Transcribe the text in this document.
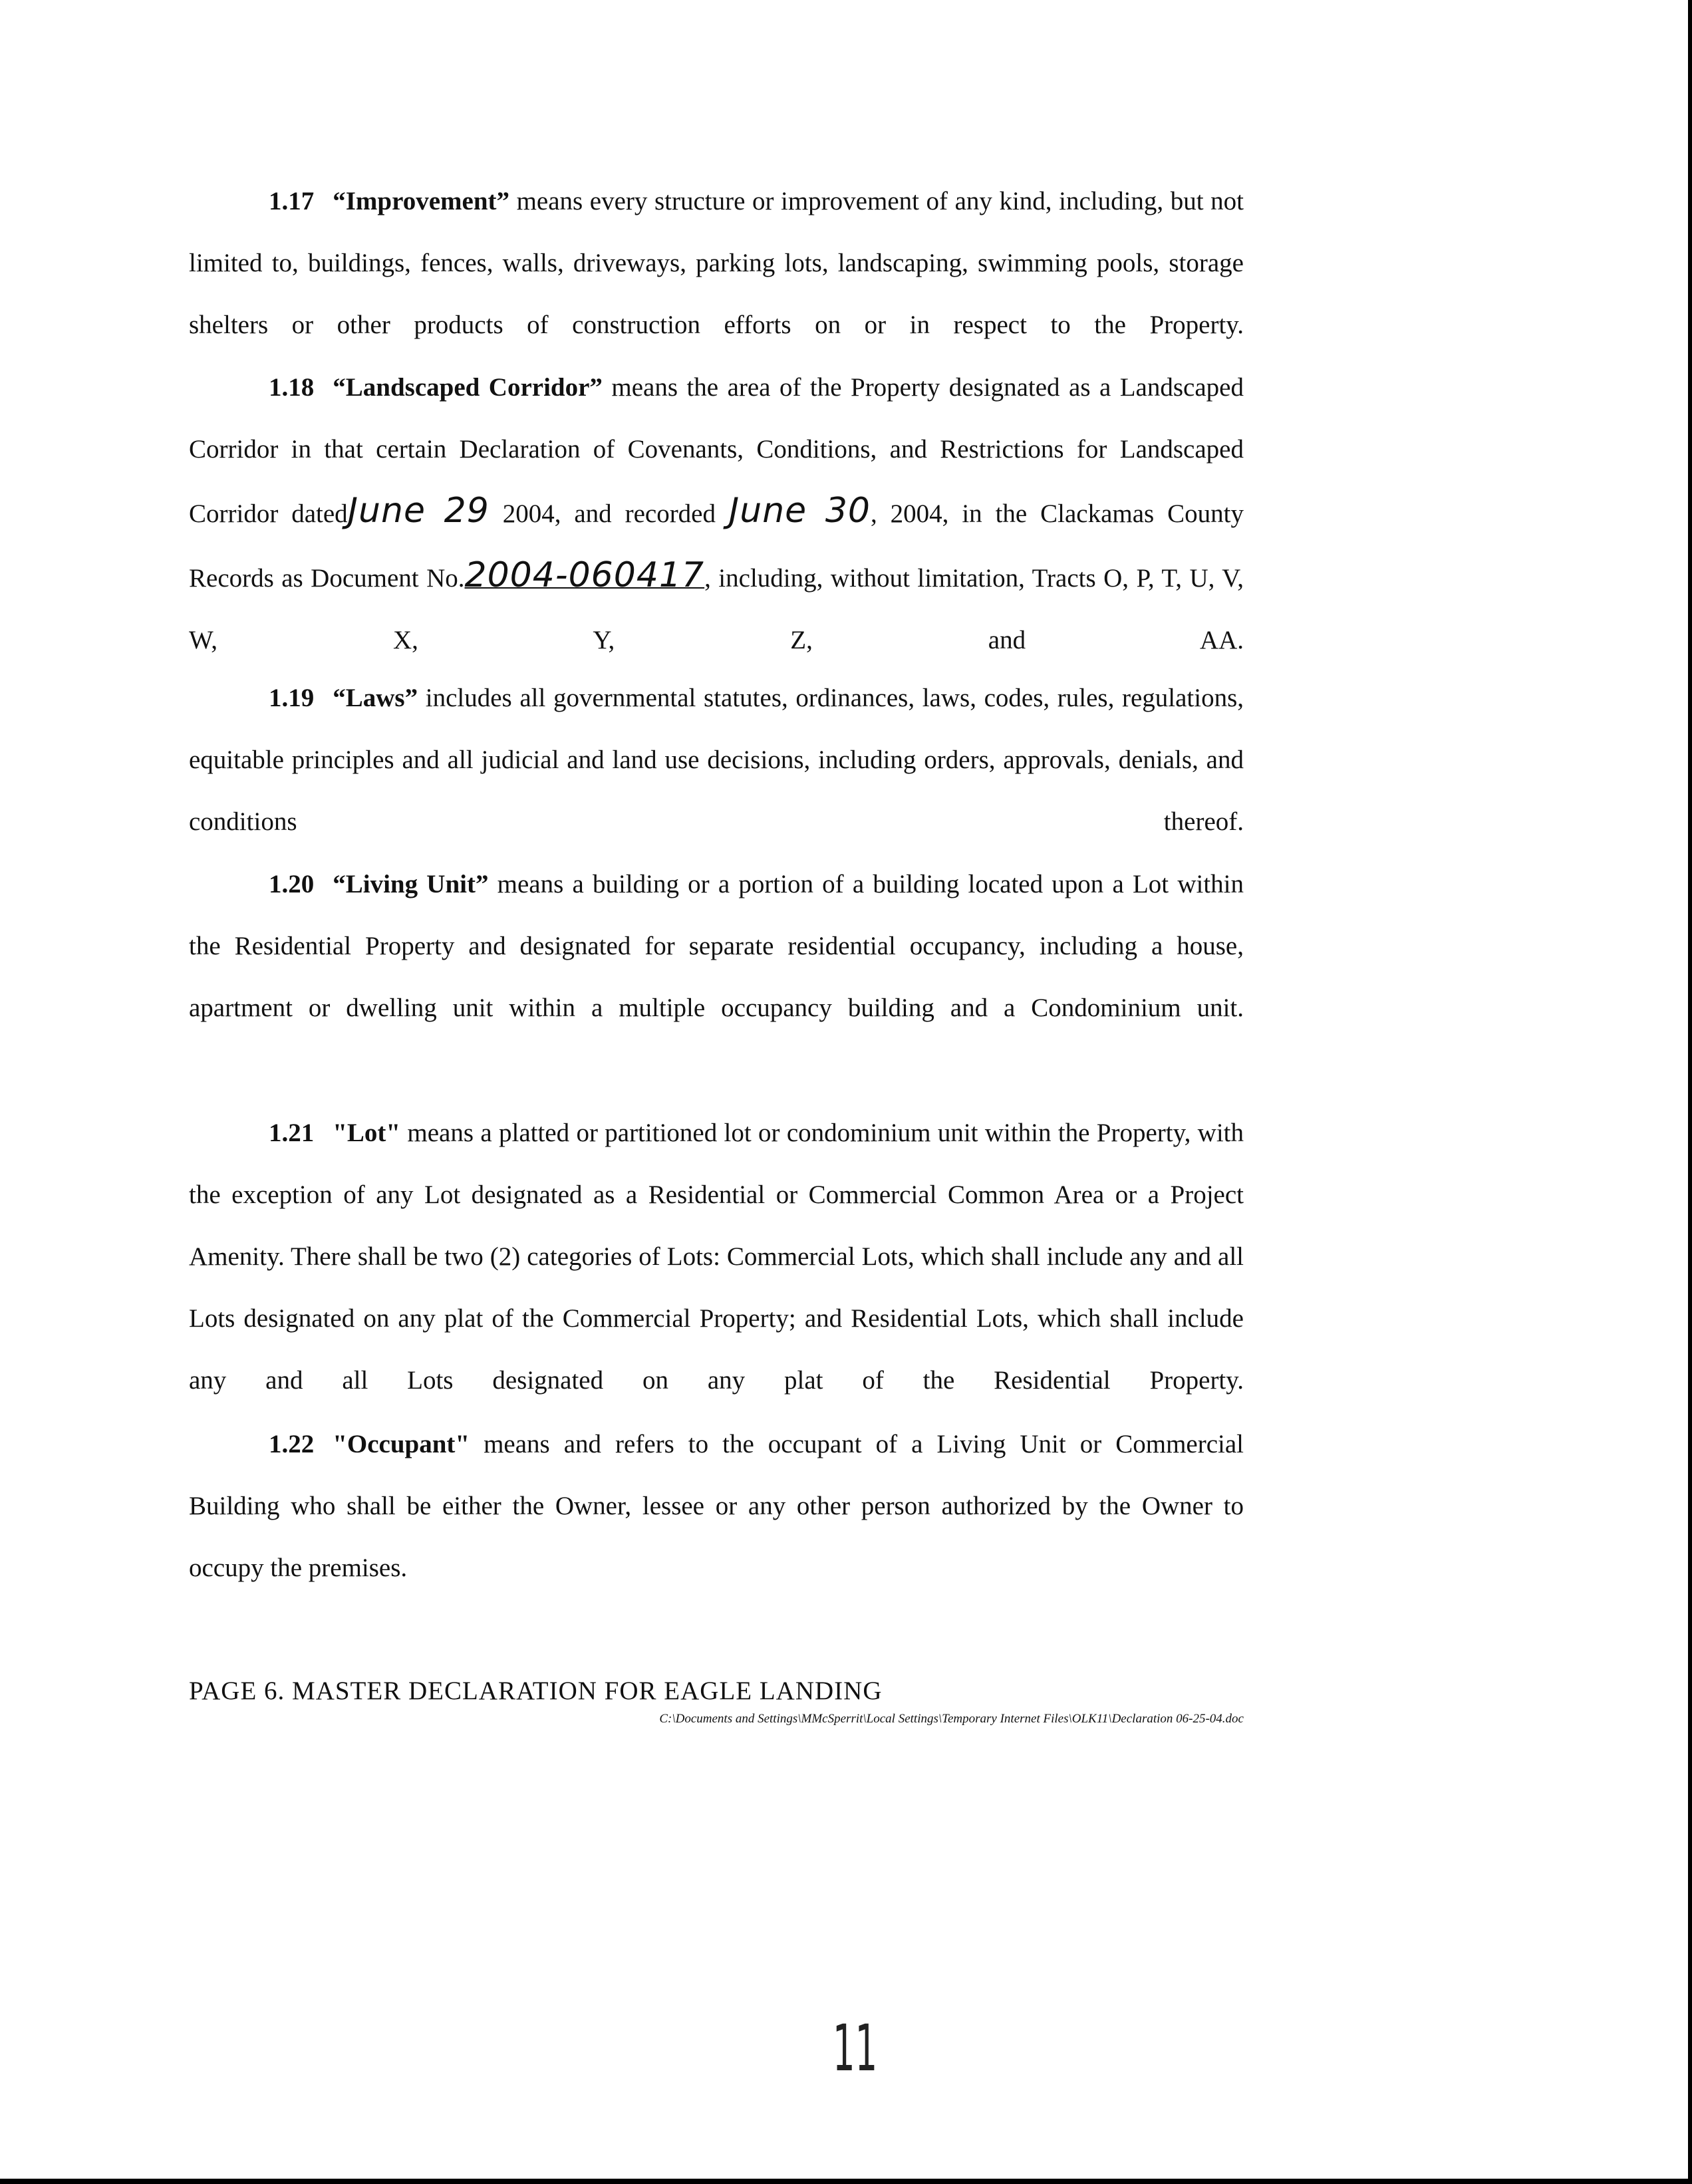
1.17 “Improvement” means every structure or improvement of any kind, including, but not limited to, buildings, fences, walls, driveways, parking lots, landscaping, swimming pools, storage shelters or other products of construction efforts on or in respect to the Property.
1.18 “Landscaped Corridor” means the area of the Property designated as a Landscaped Corridor in that certain Declaration of Covenants, Conditions, and Restrictions for Landscaped Corridor datedJune 29 2004, and recorded June 30, 2004, in the Clackamas County Records as Document No.2004-060417, including, without limitation, Tracts O, P, T, U, V, W, X, Y, Z, and AA.
1.19 “Laws” includes all governmental statutes, ordinances, laws, codes, rules, regulations, equitable principles and all judicial and land use decisions, including orders, approvals, denials, and conditions thereof.
1.20 “Living Unit” means a building or a portion of a building located upon a Lot within the Residential Property and designated for separate residential occupancy, including a house, apartment or dwelling unit within a multiple occupancy building and a Condominium unit.
1.21 "Lot" means a platted or partitioned lot or condominium unit within the Property, with the exception of any Lot designated as a Residential or Commercial Common Area or a Project Amenity. There shall be two (2) categories of Lots: Commercial Lots, which shall include any and all Lots designated on any plat of the Commercial Property; and Residential Lots, which shall include any and all Lots designated on any plat of the Residential Property.
1.22 "Occupant" means and refers to the occupant of a Living Unit or Commercial Building who shall be either the Owner, lessee or any other person authorized by the Owner to occupy the premises.
PAGE 6. MASTER DECLARATION FOR EAGLE LANDING
C:\Documents and Settings\MMcSperrit\Local Settings\Temporary Internet Files\OLK11\Declaration 06-25-04.doc
11
